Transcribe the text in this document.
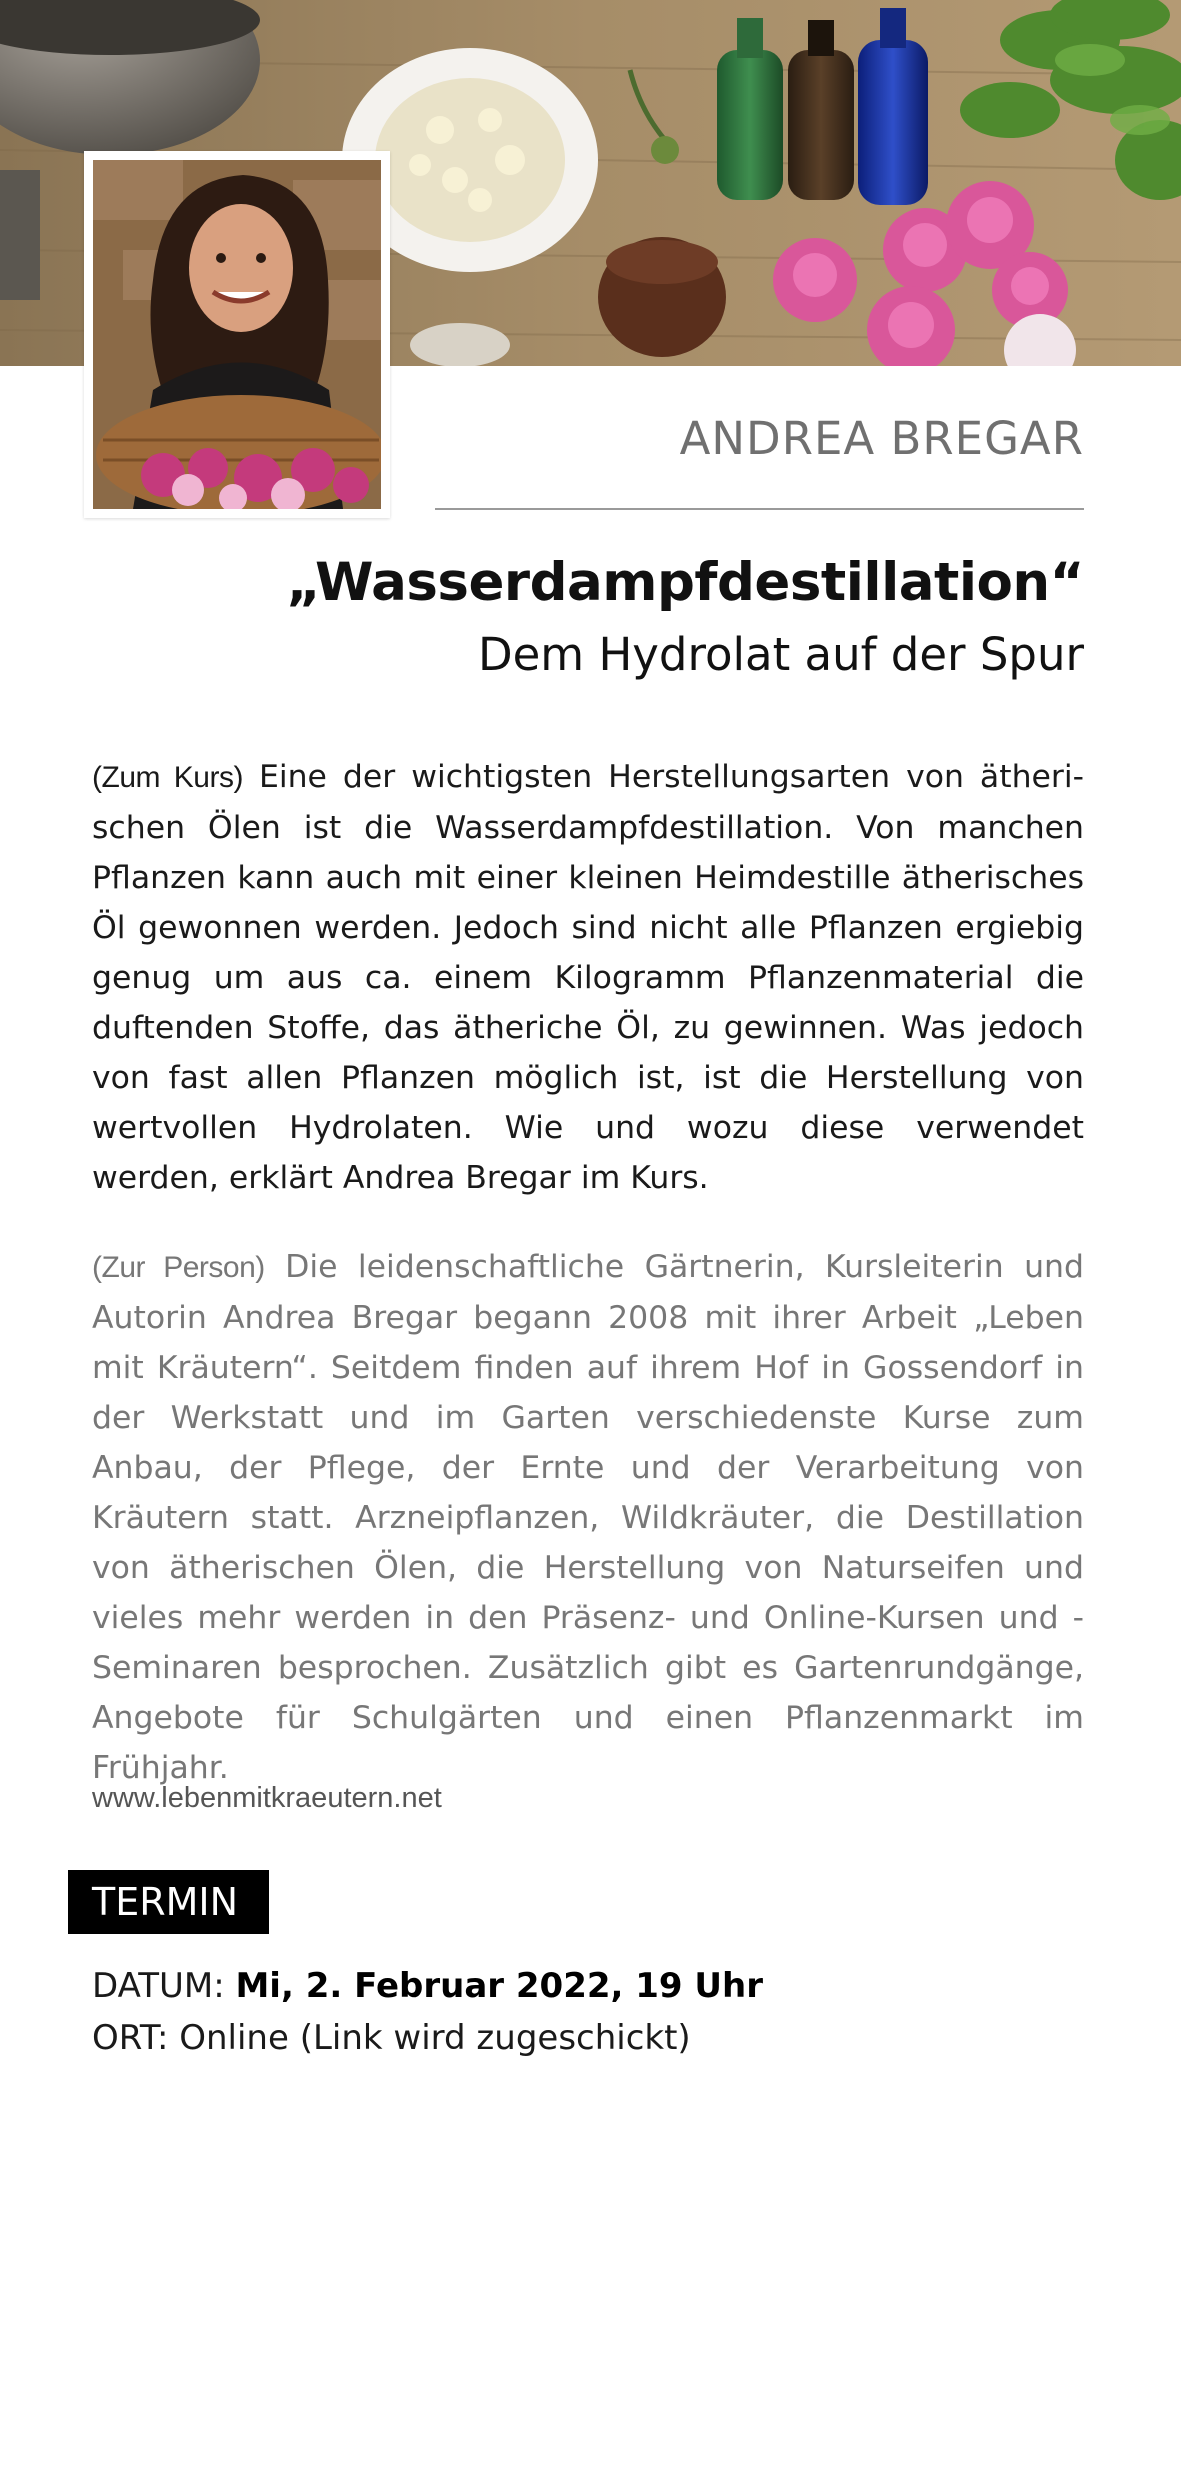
ANDREA BREGAR
„Wasserdampfdestillation“

Dem Hydrolat auf der Spur

(Zum Kurs) Eine der wichtigsten Herstellungsarten von ätherischen Ölen ist die Wasserdampfdestillation. Von manchen Pflanzen kann auch mit einer kleinen Heimdestille ätherisches Öl gewonnen werden. Jedoch sind nicht alle Pflanzen ergiebig genug um aus ca. einem Kilogramm Pflanzenmaterial die duftenden Stoffe, das ätheriche Öl, zu gewinnen. Was jedoch von fast allen Pflanzen möglich ist, ist die Herstellung von wertvollen Hydrolaten. Wie und wozu diese verwendet werden, erklärt Andrea Bregar im Kurs.

(Zur Person) Die leidenschaftliche Gärtnerin, Kursleiterin und Autorin Andrea Bregar begann 2008 mit ihrer Arbeit „Leben mit Kräutern“. Seitdem finden auf ihrem Hof in Gossendorf in der Werkstatt und im Garten verschiedenste Kurse zum Anbau, der Pflege, der Ernte und der Verarbeitung von Kräutern statt. Arzneipflanzen, Wildkräuter, die Destillation von ätherischen Ölen, die Herstellung von Naturseifen und vieles mehr werden in den Präsenz- und Online-Kursen und -Seminaren besprochen. Zusätzlich gibt es Gartenrundgänge, Angebote für Schulgärten und einen Pflanzenmarkt im Frühjahr.

www.lebenmitkraeutern.net

TERMIN

DATUM: Mi, 2. Februar 2022, 19 Uhr

ORT: Online (Link wird zugeschickt)
